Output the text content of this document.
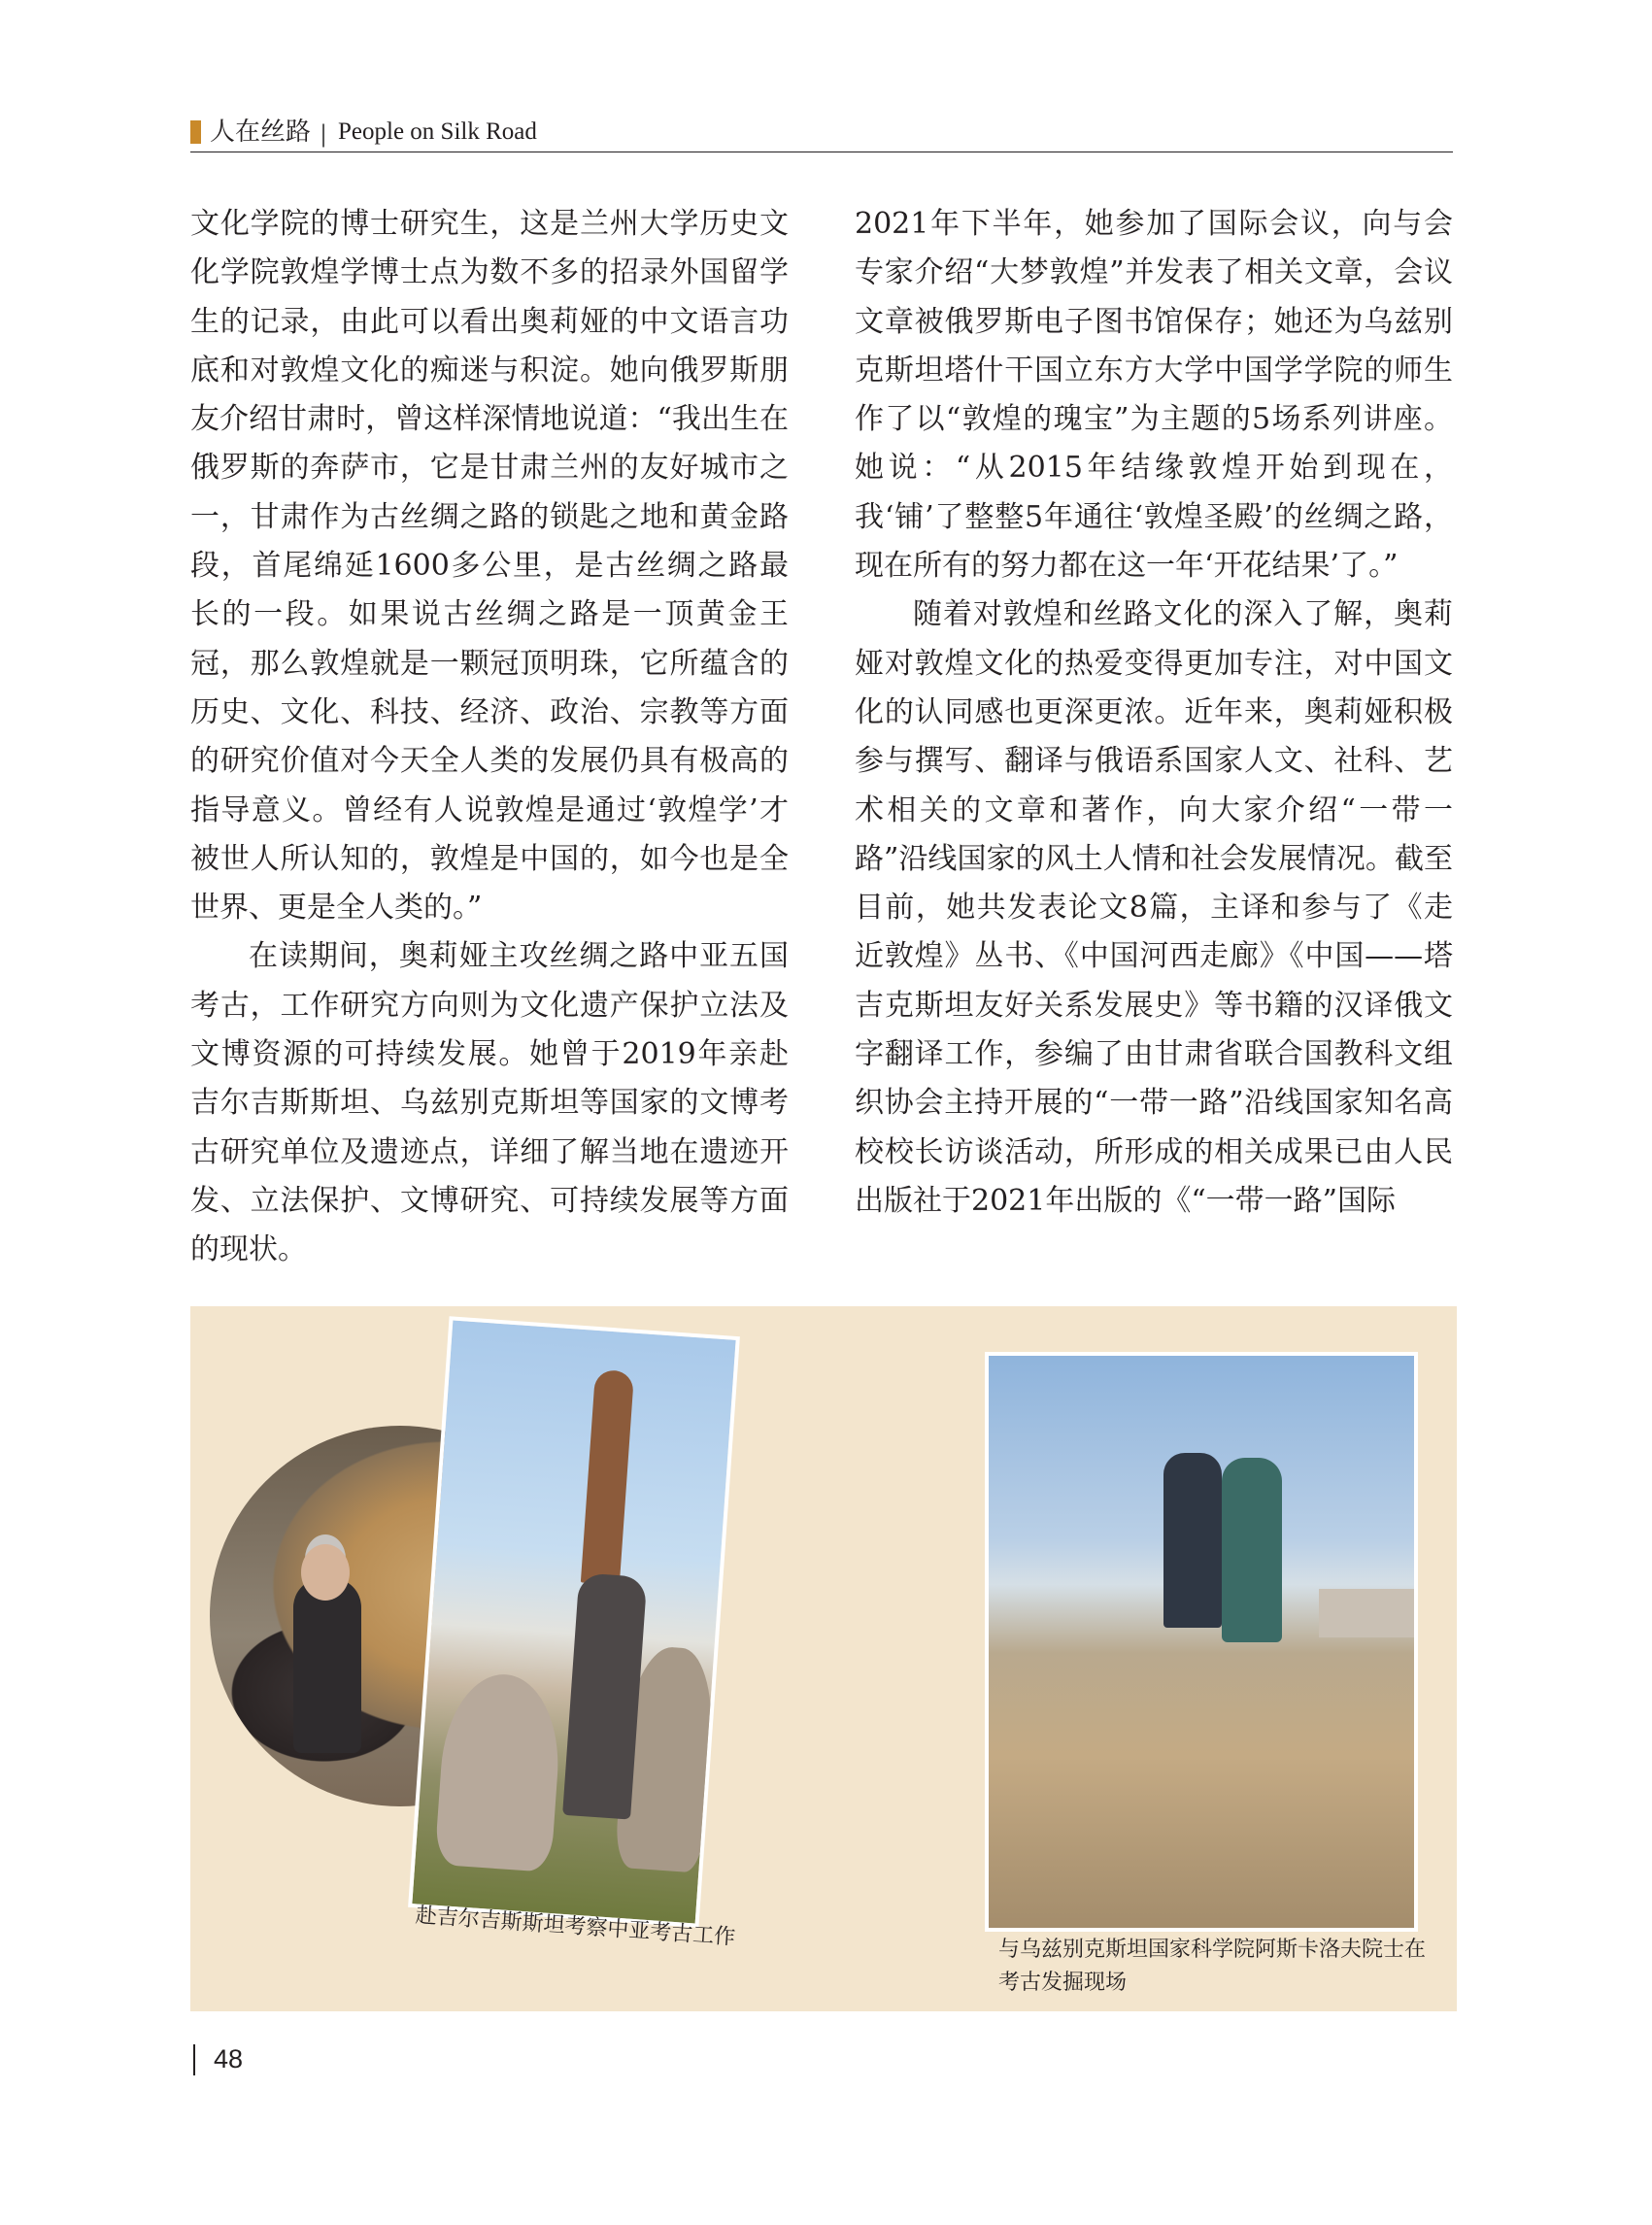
人在丝路 | People on Silk Road

文化学院的博士研究生，这是兰州大学历史文化学院敦煌学博士点为数不多的招录外国留学生的记录，由此可以看出奥莉娅的中文语言功底和对敦煌文化的痴迷与积淀。她向俄罗斯朋友介绍甘肃时，曾这样深情地说道：“我出生在俄罗斯的奔萨市，它是甘肃兰州的友好城市之一，甘肃作为古丝绸之路的锁匙之地和黄金路段，首尾绵延1600多公里，是古丝绸之路最长的一段。如果说古丝绸之路是一顶黄金王冠，那么敦煌就是一颗冠顶明珠，它所蕴含的历史、文化、科技、经济、政治、宗教等方面的研究价值对今天全人类的发展仍具有极高的指导意义。曾经有人说敦煌是通过‘敦煌学’才被世人所认知的，敦煌是中国的，如今也是全世界、更是全人类的。”

在读期间，奥莉娅主攻丝绸之路中亚五国考古，工作研究方向则为文化遗产保护立法及文博资源的可持续发展。她曾于2019年亲赴吉尔吉斯斯坦、乌兹别克斯坦等国家的文博考古研究单位及遗迹点，详细了解当地在遗迹开发、立法保护、文博研究、可持续发展等方面的现状。

2021年下半年，她参加了国际会议，向与会专家介绍“大梦敦煌”并发表了相关文章，会议文章被俄罗斯电子图书馆保存；她还为乌兹别克斯坦塔什干国立东方大学中国学学院的师生作了以“敦煌的瑰宝”为主题的5场系列讲座。她说：“从2015年结缘敦煌开始到现在，我‘铺’了整整5年通往‘敦煌圣殿’的丝绸之路，现在所有的努力都在这一年‘开花结果’了。”

随着对敦煌和丝路文化的深入了解，奥莉娅对敦煌文化的热爱变得更加专注，对中国文化的认同感也更深更浓。近年来，奥莉娅积极参与撰写、翻译与俄语系国家人文、社科、艺术相关的文章和著作，向大家介绍“一带一路”沿线国家的风土人情和社会发展情况。截至目前，她共发表论文8篇，主译和参与了《走近敦煌》丛书、《中国河西走廊》《中国——塔吉克斯坦友好关系发展史》等书籍的汉译俄文字翻译工作，参编了由甘肃省联合国教科文组织协会主持开展的“一带一路”沿线国家知名高校校长访谈活动，所形成的相关成果已由人民出版社于2021年出版的《“一带一路”国际

赴吉尔吉斯斯坦考察中亚考古工作	与乌兹别克斯坦国家科学院阿斯卡洛夫院士在考古发掘现场
48
